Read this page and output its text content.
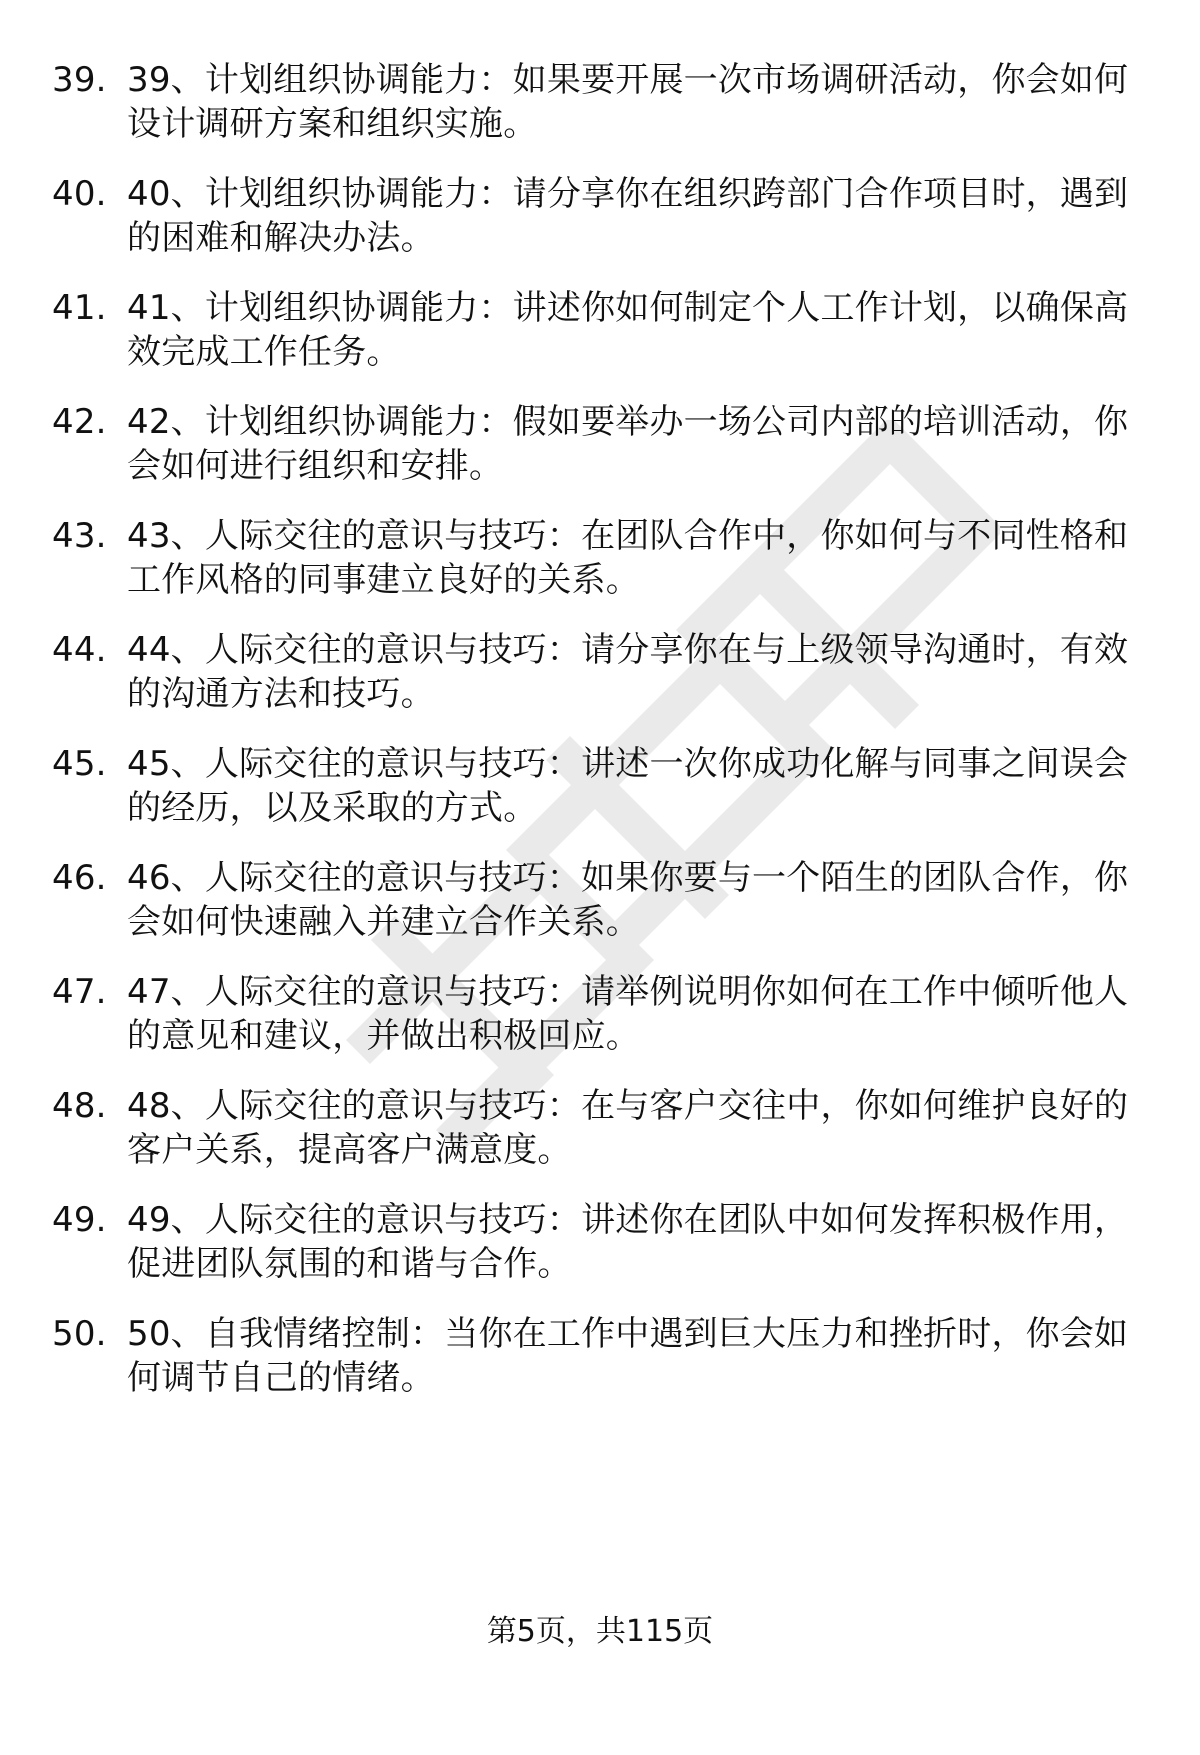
39. 39、计划组织协调能力：如果要开展一次市场调研活动，你会如何设计调研方案和组织实施。
40. 40、计划组织协调能力：请分享你在组织跨部门合作项目时，遇到的困难和解决办法。
41. 41、计划组织协调能力：讲述你如何制定个人工作计划，以确保高效完成工作任务。
42. 42、计划组织协调能力：假如要举办一场公司内部的培训活动，你会如何进行组织和安排。
43. 43、人际交往的意识与技巧：在团队合作中，你如何与不同性格和工作风格的同事建立良好的关系。
44. 44、人际交往的意识与技巧：请分享你在与上级领导沟通时，有效的沟通方法和技巧。
45. 45、人际交往的意识与技巧：讲述一次你成功化解与同事之间误会的经历，以及采取的方式。
46. 46、人际交往的意识与技巧：如果你要与一个陌生的团队合作，你会如何快速融入并建立合作关系。
47. 47、人际交往的意识与技巧：请举例说明你如何在工作中倾听他人的意见和建议，并做出积极回应。
48. 48、人际交往的意识与技巧：在与客户交往中，你如何维护良好的客户关系，提高客户满意度。
49. 49、人际交往的意识与技巧：讲述你在团队中如何发挥积极作用，促进团队氛围的和谐与合作。
50. 50、自我情绪控制：当你在工作中遇到巨大压力和挫折时，你会如何调节自己的情绪。
第5页，共115页
